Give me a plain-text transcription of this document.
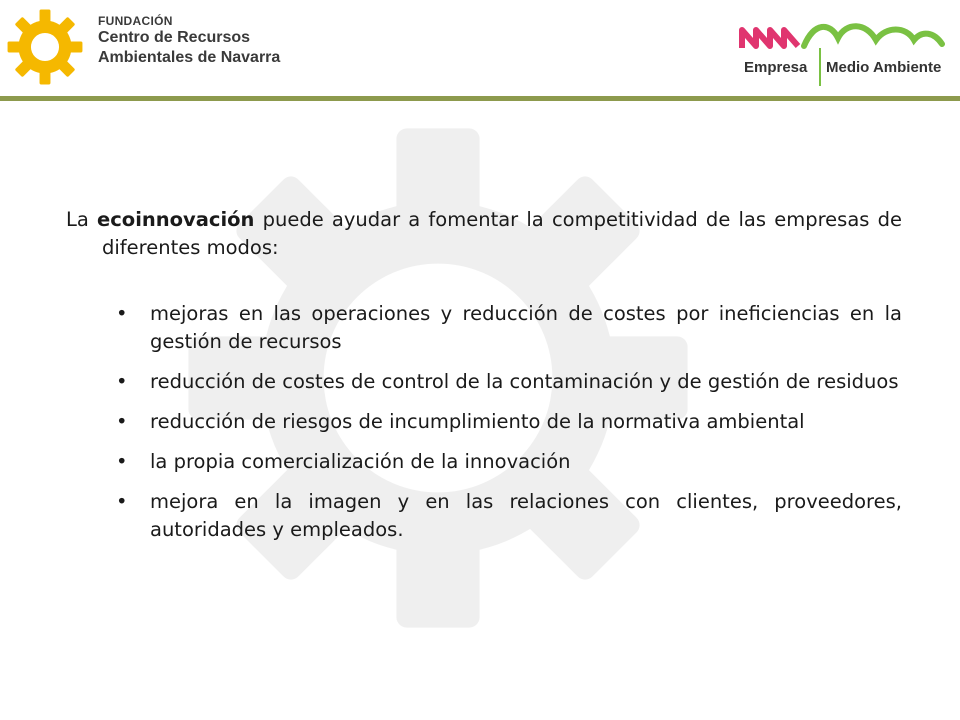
FUNDACIÓN
Centro de Recursos
Ambientales de Navarra
Empresa Medio Ambiente

La ecoinnovación puede ayudar a fomentar la competitividad de las empresas de diferentes modos:

• mejoras en las operaciones y reducción de costes por ineficiencias en la gestión de recursos
• reducción de costes de control de la contaminación y de gestión de residuos
• reducción de riesgos de incumplimiento de la normativa ambiental
• la propia comercialización de la innovación
• mejora en la imagen y en las relaciones con clientes, proveedores, autoridades y empleados.
